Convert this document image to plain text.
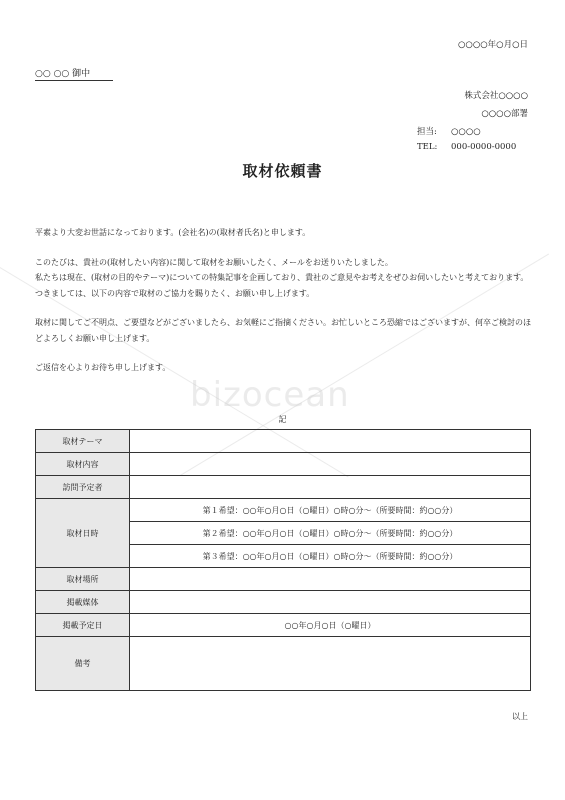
○○○○年○月○日
○○ ○○ 御中
株式会社○○○○
○○○○部署
担当: ○○○○
TEL: 000-0000-0000
取材依頼書

平素より大変お世話になっております。(会社名)の(取材者氏名)と申します。

このたびは、貴社の(取材したい内容)に関して取材をお願いしたく、メールをお送りいたしました。
私たちは現在、(取材の目的やテーマ)についての特集記事を企画しており、貴社のご意見やお考えをぜひお伺いしたいと考えております。
つきましては、以下の内容で取材のご協力を賜りたく、お願い申し上げます。

取材に関してご不明点、ご要望などがございましたら、お気軽にご指摘ください。お忙しいところ恐縮ではございますが、何卒ご検討のほどよろしくお願い申し上げます。

ご返信を心よりお待ち申し上げます。

bizocean
記
取材テーマ	
取材内容	
訪問予定者	
取材日時	第１希望：○○年○月○日（○曜日）○時○分～（所要時間：約○○分）
	第２希望：○○年○月○日（○曜日）○時○分～（所要時間：約○○分）
	第３希望：○○年○月○日（○曜日）○時○分～（所要時間：約○○分）
取材場所	
掲載媒体	
掲載予定日	○○年○月○日（○曜日）
備考	
以上
